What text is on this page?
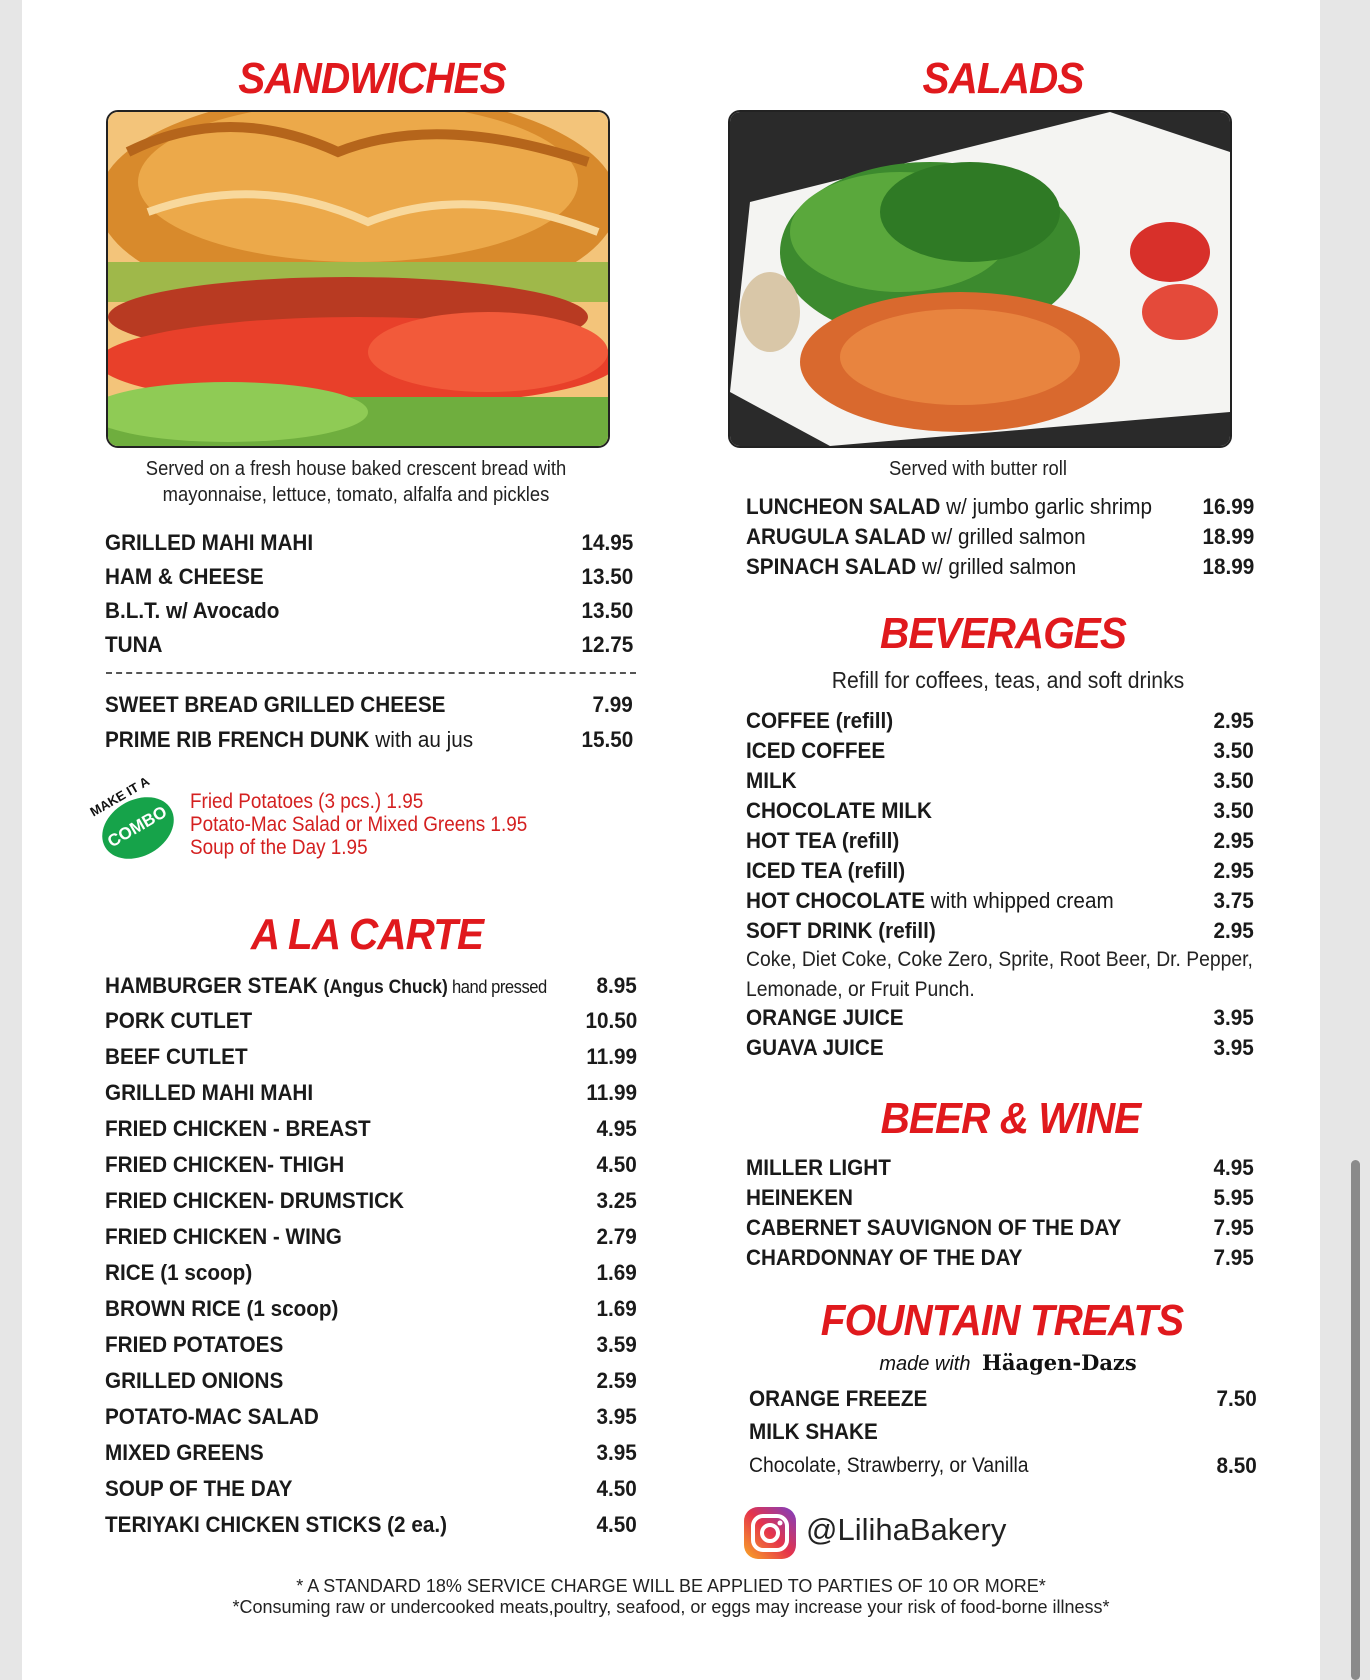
SANDWICHES
Served on a fresh house baked crescent bread with
mayonnaise, lettuce, tomato, alfalfa and pickles
GRILLED MAHI MAHI	14.95
HAM & CHEESE	13.50
B.L.T. w/ Avocado	13.50
TUNA	12.75
SWEET BREAD GRILLED CHEESE	7.99
PRIME RIB FRENCH DUNK with au jus	15.50
MAKE IT A
COMBO
Fried Potatoes (3 pcs.) 1.95
Potato-Mac Salad or Mixed Greens 1.95
Soup of the Day 1.95
A LA CARTE
HAMBURGER STEAK (Angus Chuck) hand pressed 8.95
PORK CUTLET	10.50
BEEF CUTLET	11.99
GRILLED MAHI MAHI	11.99
FRIED CHICKEN - BREAST	4.95
FRIED CHICKEN- THIGH	4.50
FRIED CHICKEN- DRUMSTICK	3.25
FRIED CHICKEN - WING	2.79
RICE (1 scoop)	1.69
BROWN RICE (1 scoop)	1.69
FRIED POTATOES	3.59
GRILLED ONIONS	2.59
POTATO-MAC SALAD	3.95
MIXED GREENS	3.95
SOUP OF THE DAY	4.50
TERIYAKI CHICKEN STICKS (2 ea.)	4.50
SALADS
Served with butter roll
LUNCHEON SALAD w/ jumbo garlic shrimp 16.99
ARUGULA SALAD w/ grilled salmon	18.99
SPINACH SALAD w/ grilled salmon	18.99
BEVERAGES
Refill for coffees, teas, and soft drinks
COFFEE (refill)	2.95
ICED COFFEE	3.50
MILK	3.50
CHOCOLATE MILK	3.50
HOT TEA (refill)	2.95
ICED TEA (refill)	2.95
HOT CHOCOLATE with whipped cream	3.75
SOFT DRINK (refill)	2.95
Coke, Diet Coke, Coke Zero, Sprite, Root Beer, Dr. Pepper,
Lemonade, or Fruit Punch.
ORANGE JUICE	3.95
GUAVA JUICE	3.95
BEER & WINE
MILLER LIGHT	4.95
HEINEKEN	5.95
CABERNET SAUVIGNON OF THE DAY	7.95
CHARDONNAY OF THE DAY	7.95
FOUNTAIN TREATS
made with Häagen-Dazs
ORANGE FREEZE	7.50
MILK SHAKE
Chocolate, Strawberry, or Vanilla	8.50
@LilihaBakery
* A STANDARD 18% SERVICE CHARGE WILL BE APPLIED TO PARTIES OF 10 OR MORE*
*Consuming raw or undercooked meats,poultry, seafood, or eggs may increase your risk of food-borne illness*
